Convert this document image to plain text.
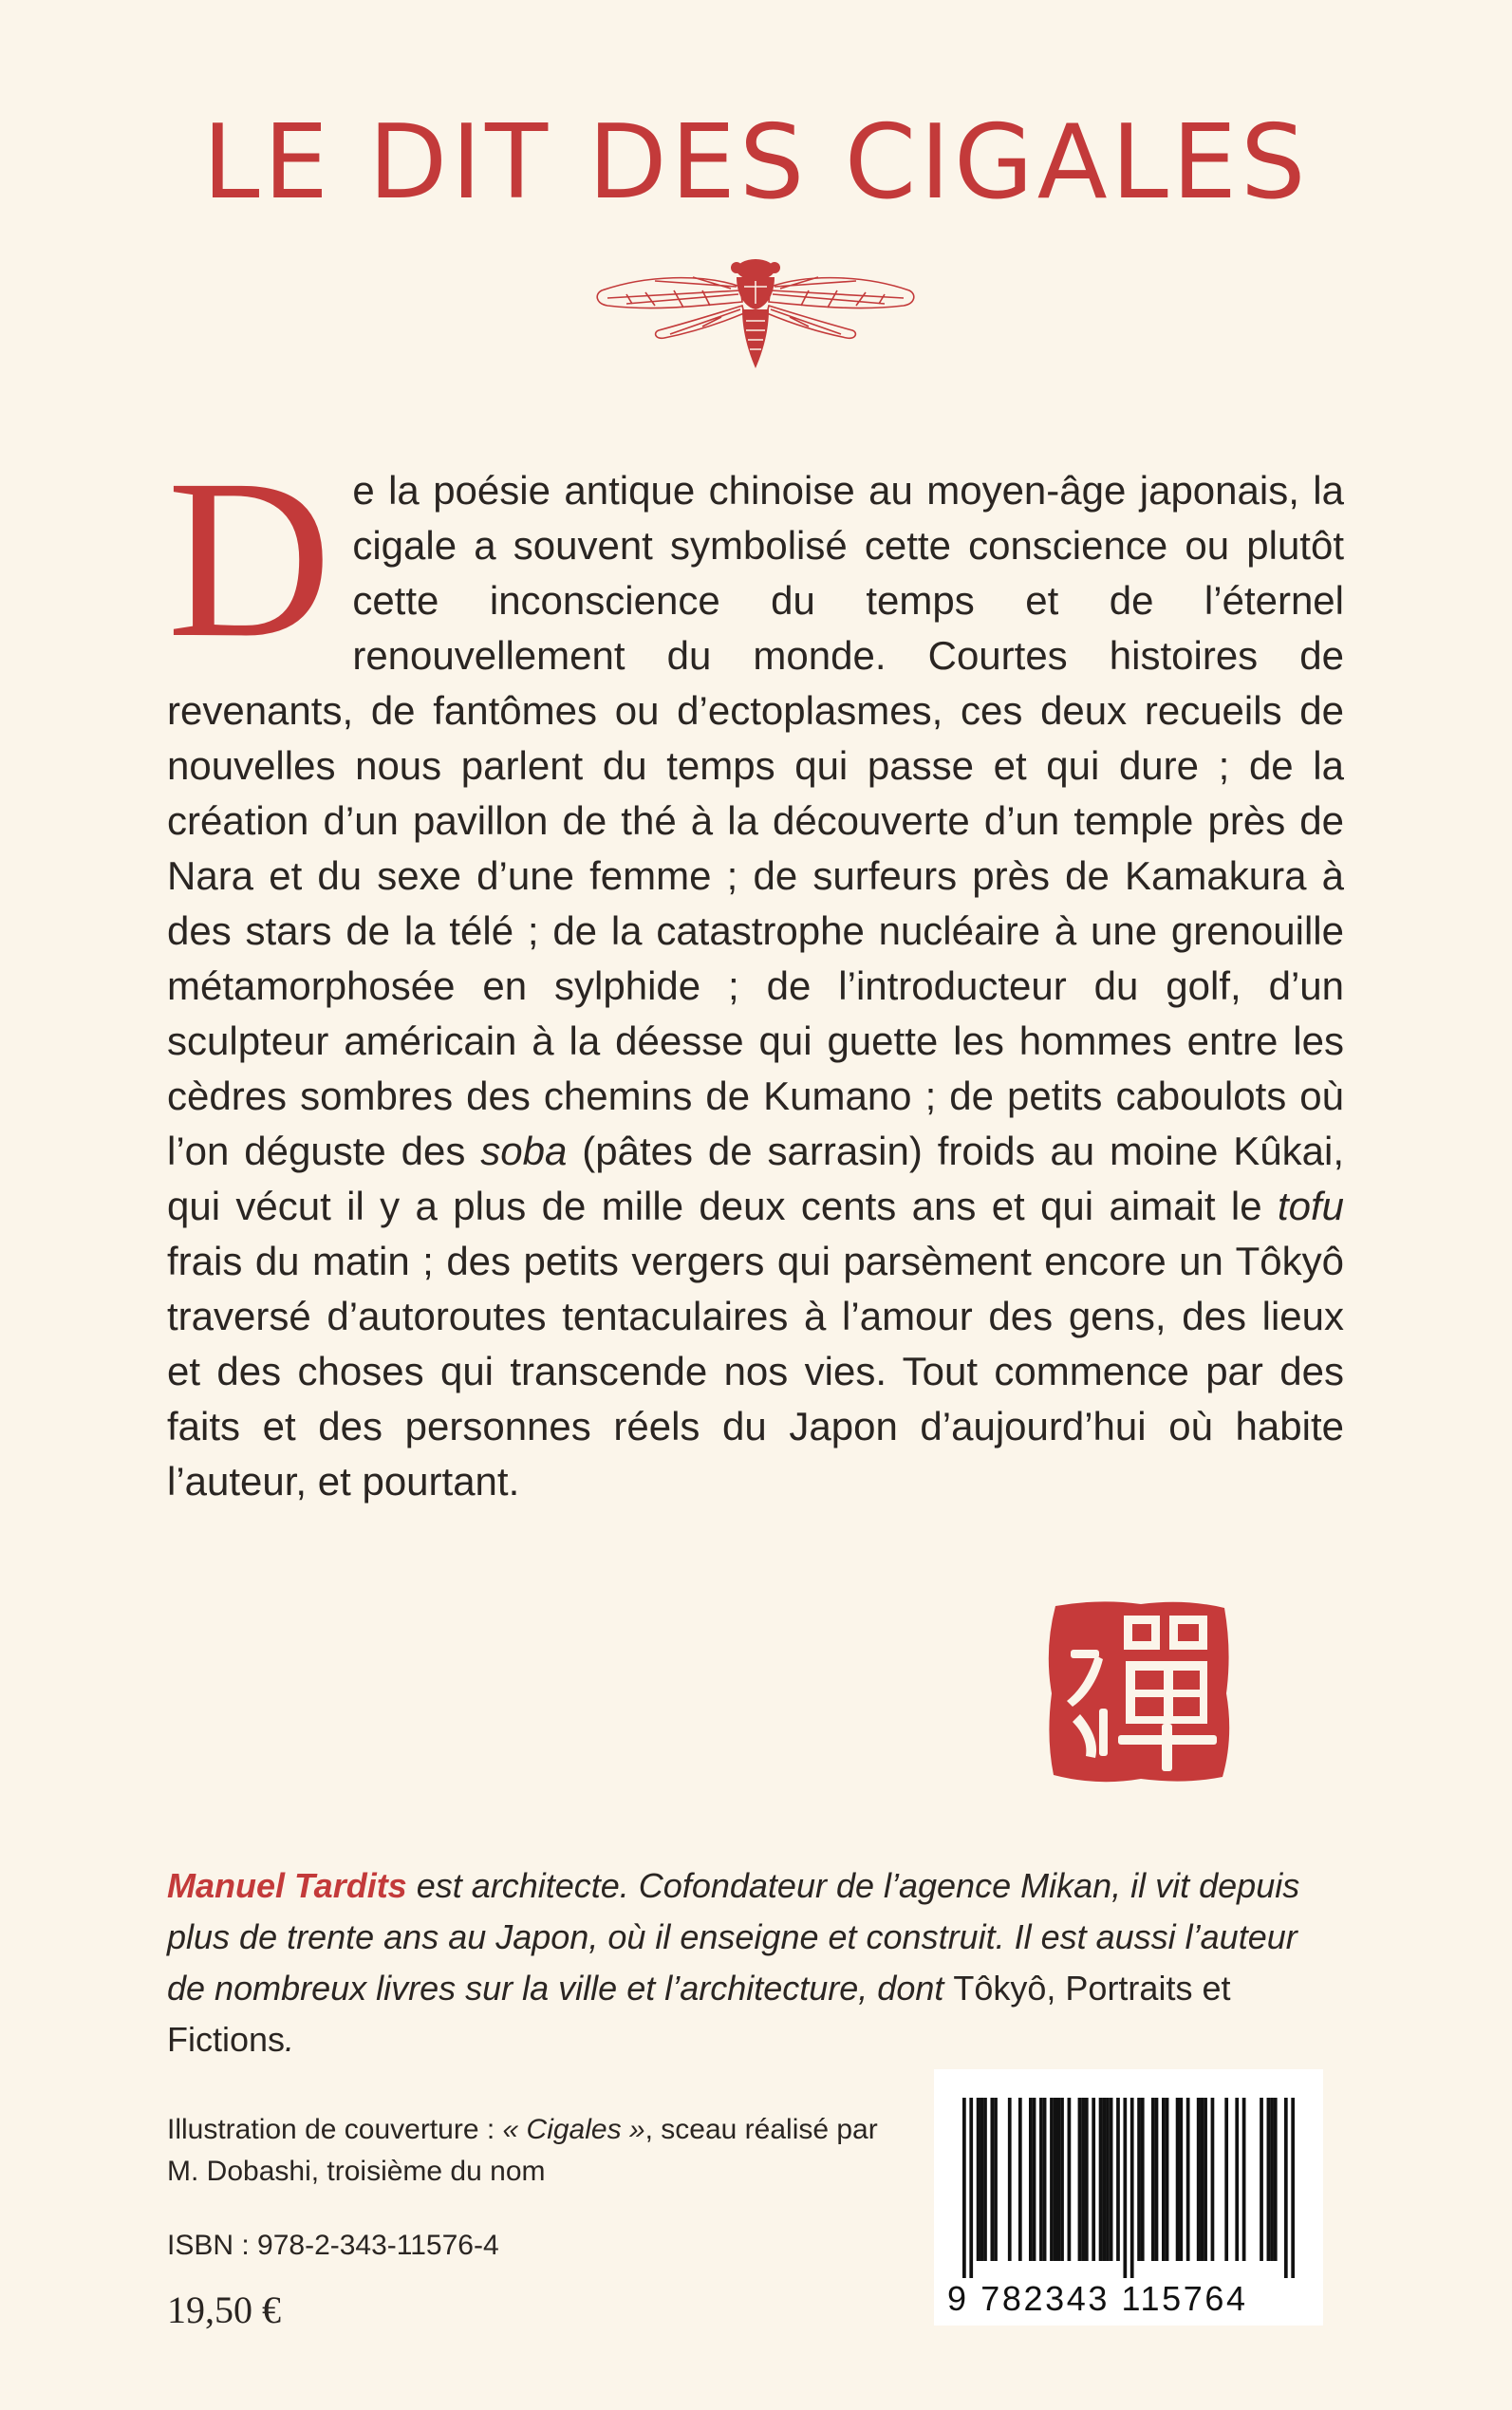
LE DIT DES CIGALES

De la poésie antique chinoise au moyen-âge japonais, la cigale a souvent symbolisé cette conscience ou plutôt cette inconscience du temps et de l’éternel renouvellement du monde. Courtes histoires de revenants, de fantômes ou d’ectoplasmes, ces deux recueils de nouvelles nous parlent du temps qui passe et qui dure ; de la création d’un pavillon de thé à la découverte d’un temple près de Nara et du sexe d’une femme ; de surfeurs près de Kamakura à des stars de la télé ; de la catastrophe nucléaire à une grenouille métamorphosée en sylphide ; de l’introducteur du golf, d’un sculpteur américain à la déesse qui guette les hommes entre les cèdres sombres des chemins de Kumano ; de petits caboulots où l’on déguste des soba (pâtes de sarrasin) froids au moine Kûkai, qui vécut il y a plus de mille deux cents ans et qui aimait le tofu frais du matin ; des petits vergers qui parsèment encore un Tôkyô traversé d’autoroutes tentaculaires à l’amour des gens, des lieux et des choses qui transcende nos vies. Tout commence par des faits et des personnes réels du Japon d’aujourd’hui où habite l’auteur, et pourtant.

Manuel Tardits est architecte. Cofondateur de l’agence Mikan, il vit depuis plus de trente ans au Japon, où il enseigne et construit. Il est aussi l’auteur de nombreux livres sur la ville et l’architecture, dont Tôkyô, Portraits et Fictions.

Illustration de couverture : « Cigales », sceau réalisé par M. Dobashi, troisième du nom

ISBN : 978-2-343-11576-4

19,50 €	9 782343 115764
